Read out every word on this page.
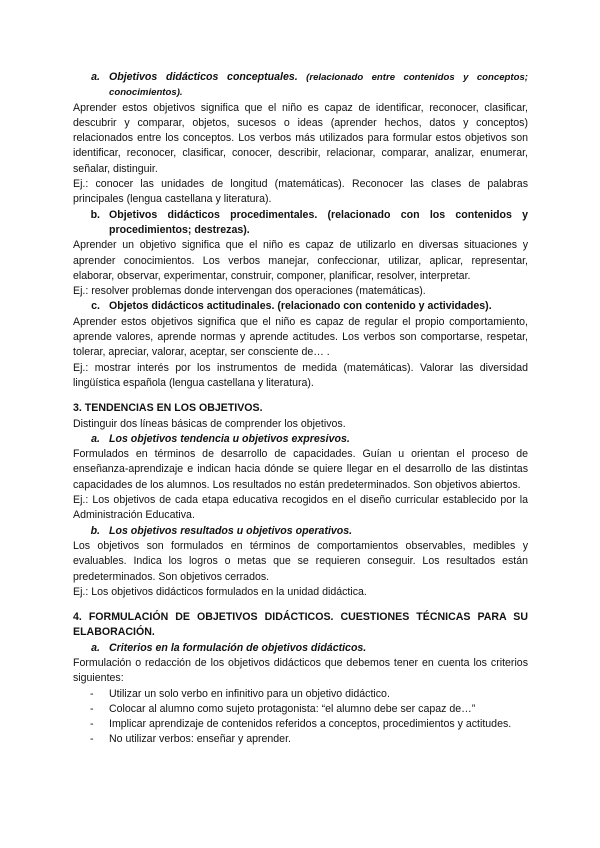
a. Objetivos didácticos conceptuales. (relacionado entre contenidos y conceptos; conocimientos).

Aprender estos objetivos significa que el niño es capaz de identificar, reconocer, clasificar, descubrir y comparar, objetos, sucesos o ideas (aprender hechos, datos y conceptos) relacionados entre los conceptos. Los verbos más utilizados para formular estos objetivos son identificar, reconocer, clasificar, conocer, describir, relacionar, comparar, analizar, enumerar, señalar, distinguir.

Ej.: conocer las unidades de longitud (matemáticas). Reconocer las clases de palabras principales (lengua castellana y literatura).

b. Objetivos didácticos procedimentales. (relacionado con los contenidos y procedimientos; destrezas).

Aprender un objetivo significa que el niño es capaz de utilizarlo en diversas situaciones y aprender conocimientos. Los verbos manejar, confeccionar, utilizar, aplicar, representar, elaborar, observar, experimentar, construir, componer, planificar, resolver, interpretar.

Ej.: resolver problemas donde intervengan dos operaciones (matemáticas).

c. Objetos didácticos actitudinales. (relacionado con contenido y actividades).

Aprender estos objetivos significa que el niño es capaz de regular el propio comportamiento, aprende valores, aprende normas y aprende actitudes. Los verbos son comportarse, respetar, tolerar, apreciar, valorar, aceptar, ser consciente de… .

Ej.: mostrar interés por los instrumentos de medida (matemáticas). Valorar las diversidad lingüística española (lengua castellana y literatura).

3. TENDENCIAS EN LOS OBJETIVOS.

Distinguir dos líneas básicas de comprender los objetivos.

a. Los objetivos tendencia u objetivos expresivos.

Formulados en términos de desarrollo de capacidades. Guían u orientan el proceso de enseñanza-aprendizaje e indican hacia dónde se quiere llegar en el desarrollo de las distintas capacidades de los alumnos. Los resultados no están predeterminados. Son objetivos abiertos.

Ej.: Los objetivos de cada etapa educativa recogidos en el diseño curricular establecido por la Administración Educativa.

b. Los objetivos resultados u objetivos operativos.

Los objetivos son formulados en términos de comportamientos observables, medibles y evaluables. Indica los logros o metas que se requieren conseguir. Los resultados están predeterminados. Son objetivos cerrados.

Ej.: Los objetivos didácticos formulados en la unidad didáctica.

4. FORMULACIÓN DE OBJETIVOS DIDÁCTICOS. CUESTIONES TÉCNICAS PARA SU ELABORACIÓN.

a. Criterios en la formulación de objetivos didácticos.

Formulación o redacción de los objetivos didácticos que debemos tener en cuenta los criterios siguientes:

-	Utilizar un solo verbo en infinitivo para un objetivo didáctico.
-	Colocar al alumno como sujeto protagonista: “el alumno debe ser capaz de…”
-	Implicar aprendizaje de contenidos referidos a conceptos, procedimientos y actitudes.
-	No utilizar verbos: enseñar y aprender.
